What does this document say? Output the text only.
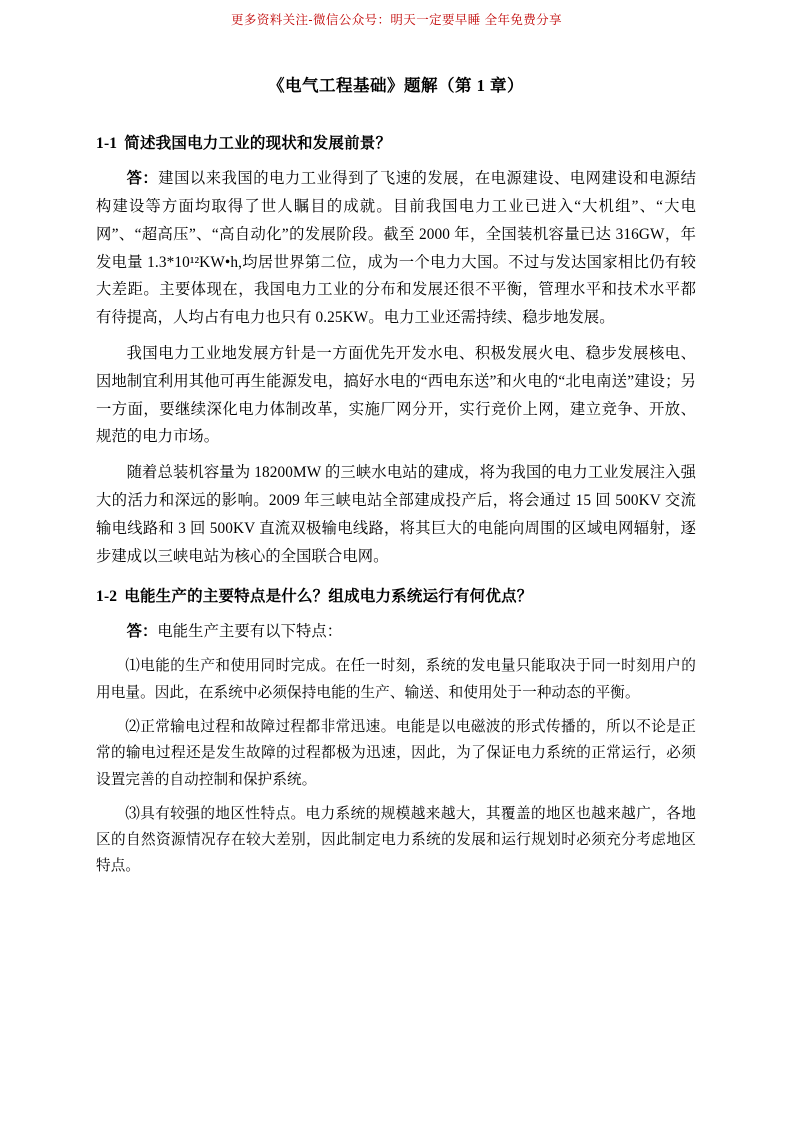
更多资料关注-微信公众号：明天一定要早睡 全年免费分享
《电气工程基础》题解（第 1 章）
1-1 简述我国电力工业的现状和发展前景？

答：建国以来我国的电力工业得到了飞速的发展，在电源建设、电网建设和电源结构建设等方面均取得了世人瞩目的成就。目前我国电力工业已进入“大机组”、“大电网”、“超高压”、“高自动化”的发展阶段。截至 2000 年，全国装机容量已达 316GW，年发电量 1.3*10¹²KW•h,均居世界第二位，成为一个电力大国。不过与发达国家相比仍有较大差距。主要体现在，我国电力工业的分布和发展还很不平衡，管理水平和技术水平都有待提高，人均占有电力也只有 0.25KW。电力工业还需持续、稳步地发展。

我国电力工业地发展方针是一方面优先开发水电、积极发展火电、稳步发展核电、因地制宜利用其他可再生能源发电，搞好水电的“西电东送”和火电的“北电南送”建设；另一方面，要继续深化电力体制改革，实施厂网分开，实行竞价上网，建立竞争、开放、规范的电力市场。

随着总装机容量为 18200MW 的三峡水电站的建成，将为我国的电力工业发展注入强大的活力和深远的影响。2009 年三峡电站全部建成投产后，将会通过 15 回 500KV 交流输电线路和 3 回 500KV 直流双极输电线路，将其巨大的电能向周围的区域电网辐射，逐步建成以三峡电站为核心的全国联合电网。

1-2 电能生产的主要特点是什么？组成电力系统运行有何优点？

答：电能生产主要有以下特点：

⑴电能的生产和使用同时完成。在任一时刻，系统的发电量只能取决于同一时刻用户的用电量。因此，在系统中必须保持电能的生产、输送、和使用处于一种动态的平衡。

⑵正常输电过程和故障过程都非常迅速。电能是以电磁波的形式传播的，所以不论是正常的输电过程还是发生故障的过程都极为迅速，因此，为了保证电力系统的正常运行，必须设置完善的自动控制和保护系统。

⑶具有较强的地区性特点。电力系统的规模越来越大，其覆盖的地区也越来越广，各地区的自然资源情况存在较大差别，因此制定电力系统的发展和运行规划时必须充分考虑地区特点。
